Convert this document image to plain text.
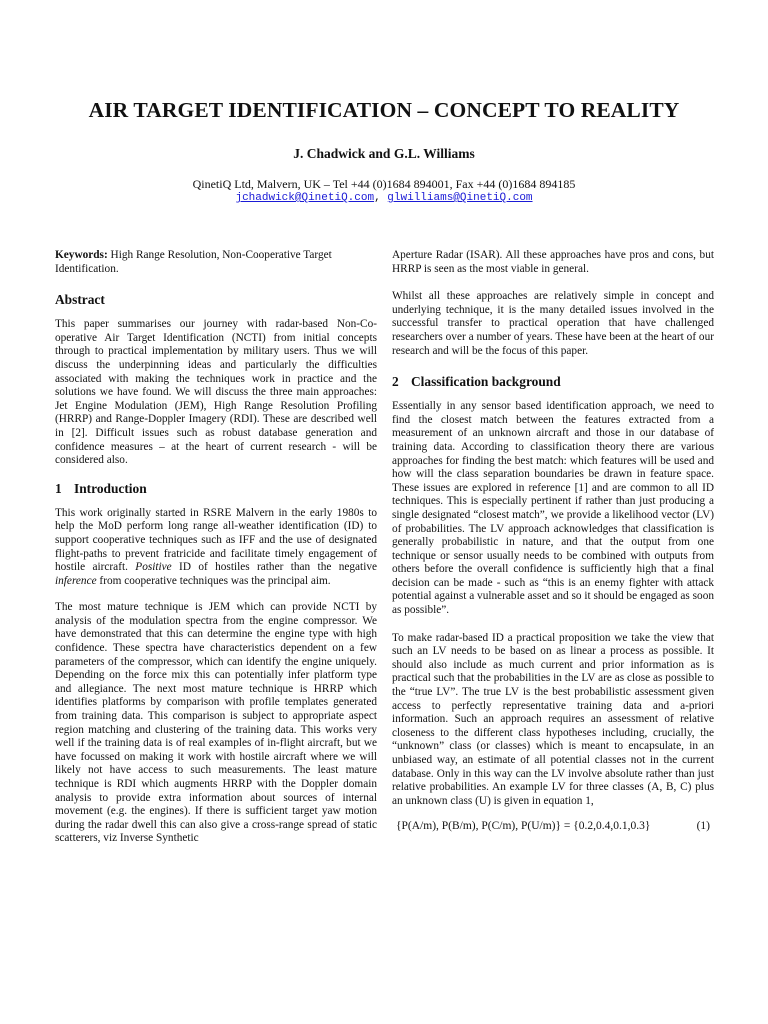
AIR TARGET IDENTIFICATION – CONCEPT TO REALITY
J. Chadwick and G.L. Williams
QinetiQ Ltd, Malvern, UK – Tel +44 (0)1684 894001, Fax +44 (0)1684 894185
jchadwick@QinetiQ.com, glwilliams@QinetiQ.com

Keywords: High Range Resolution, Non-Cooperative Target Identification.

Abstract

This paper summarises our journey with radar-based Non-Co-operative Air Target Identification (NCTI) from initial concepts through to practical implementation by military users. Thus we will discuss the underpinning ideas and particularly the difficulties associated with making the techniques work in practice and the solutions we have found. We will discuss the three main approaches: Jet Engine Modulation (JEM), High Range Resolution Profiling (HRRP) and Range-Doppler Imagery (RDI). These are described well in [2]. Difficult issues such as robust database generation and confidence measures – at the heart of current research - will be considered also.

1 Introduction

This work originally started in RSRE Malvern in the early 1980s to help the MoD perform long range all-weather identification (ID) to support cooperative techniques such as IFF and the use of designated flight-paths to prevent fratricide and facilitate timely engagement of hostile aircraft. Positive ID of hostiles rather than the negative inference from cooperative techniques was the principal aim.

The most mature technique is JEM which can provide NCTI by analysis of the modulation spectra from the engine compressor. We have demonstrated that this can determine the engine type with high confidence. These spectra have characteristics dependent on a few parameters of the compressor, which can identify the engine uniquely. Depending on the force mix this can potentially infer platform type and allegiance. The next most mature technique is HRRP which identifies platforms by comparison with profile templates generated from training data. This comparison is subject to appropriate aspect region matching and clustering of the training data. This works very well if the training data is of real examples of in-flight aircraft, but we have focussed on making it work with hostile aircraft where we will likely not have access to such measurements. The least mature technique is RDI which augments HRRP with the Doppler domain analysis to provide extra information about sources of internal movement (e.g. the engines). If there is sufficient target yaw motion during the radar dwell this can also give a cross-range spread of static scatterers, viz Inverse Synthetic

Aperture Radar (ISAR). All these approaches have pros and cons, but HRRP is seen as the most viable in general.

Whilst all these approaches are relatively simple in concept and underlying technique, it is the many detailed issues involved in the successful transfer to practical operation that have challenged researchers over a number of years. These have been at the heart of our research and will be the focus of this paper.

2 Classification background

Essentially in any sensor based identification approach, we need to find the closest match between the features extracted from a measurement of an unknown aircraft and those in our database of training data. According to classification theory there are various approaches for finding the best match: which features will be used and how will the class separation boundaries be drawn in feature space. These issues are explored in reference [1] and are common to all ID techniques. This is especially pertinent if rather than just producing a single designated “closest match”, we provide a likelihood vector (LV) of probabilities. The LV approach acknowledges that classification is generally probabilistic in nature, and that the output from one technique or sensor usually needs to be combined with outputs from others before the overall confidence is sufficiently high that a final decision can be made - such as “this is an enemy fighter with attack potential against a vulnerable asset and so it should be engaged as soon as possible”.

To make radar-based ID a practical proposition we take the view that such an LV needs to be based on as linear a process as possible. It should also include as much current and prior information as is practical such that the probabilities in the LV are as close as possible to the “true LV”. The true LV is the best probabilistic assessment given access to perfectly representative training data and a-priori information. Such an approach requires an assessment of relative closeness to the different class hypotheses including, crucially, the “unknown” class (or classes) which is meant to encapsulate, in an unbiased way, an estimate of all potential classes not in the current database. Only in this way can the LV involve absolute rather than just relative probabilities. An example LV for three classes (A, B, C) plus an unknown class (U) is given in equation 1,

{P(A/m), P(B/m), P(C/m), P(U/m)} = {0.2,0.4,0.1,0.3}	(1)
